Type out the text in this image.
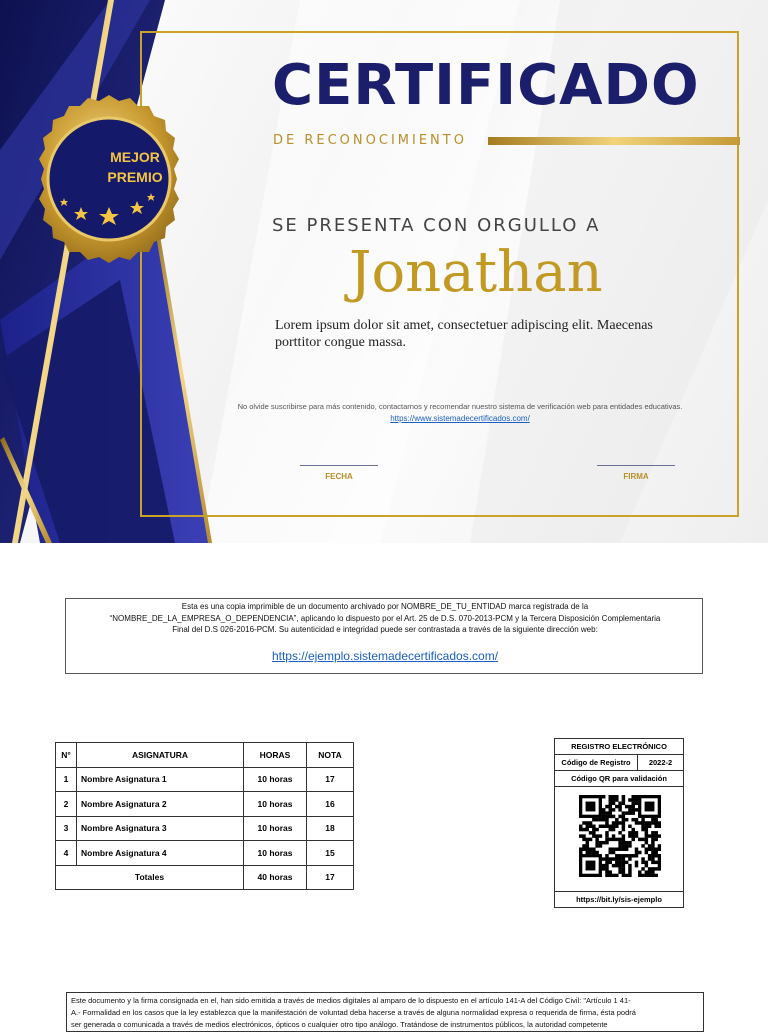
MEJOR
PREMIO
CERTIFICADO
DE RECONOCIMIENTO
SE PRESENTA CON ORGULLO A
Jonathan
Lorem ipsum dolor sit amet, consectetuer adipiscing elit. Maecenas porttitor congue massa.
No olvide suscribirse para más contenido, contactarnos y recomendar nuestro sistema de verificación web para entidades educativas.
https://www.sistemadecertificados.com/
FECHA	FIRMA
Esta es una copia imprimible de un documento archivado por NOMBRE_DE_TU_ENTIDAD marca registrada de la
“NOMBRE_DE_LA_EMPRESA_O_DEPENDENCIA”, aplicando lo dispuesto por el Art. 25 de D.S. 070-2013-PCM y la Tercera Disposición Complementaria
Final del D.S 026-2016-PCM. Su autenticidad e integridad puede ser contrastada a través de la siguiente dirección web:
https://ejemplo.sistemadecertificados.com/
N°	ASIGNATURA	HORAS	NOTA
1	Nombre Asignatura 1	10 horas	17
2	Nombre Asignatura 2	10 horas	16
3	Nombre Asignatura 3	10 horas	18
4	Nombre Asignatura 4	10 horas	15
Totales		40 horas	17
REGISTRO ELECTRÓNICO
Código de Registro	2022-2
Código QR para validación
https://bit.ly/sis-ejemplo
Este documento y la firma consignada en el, han sido emitida a través de medios digitales al amparo de lo dispuesto en el artículo 141-A del Código Civil: "Artículo 1 41-
A.- Formalidad en los casos que la ley establezca que la manifestación de voluntad deba hacerse a través de alguna normalidad expresa o requerida de firma, ésta podrá
ser generada o comunicada a través de medios electrónicos, ópticos o cualquier otro tipo análogo. Tratándose de instrumentos públicos, la autoridad competente
